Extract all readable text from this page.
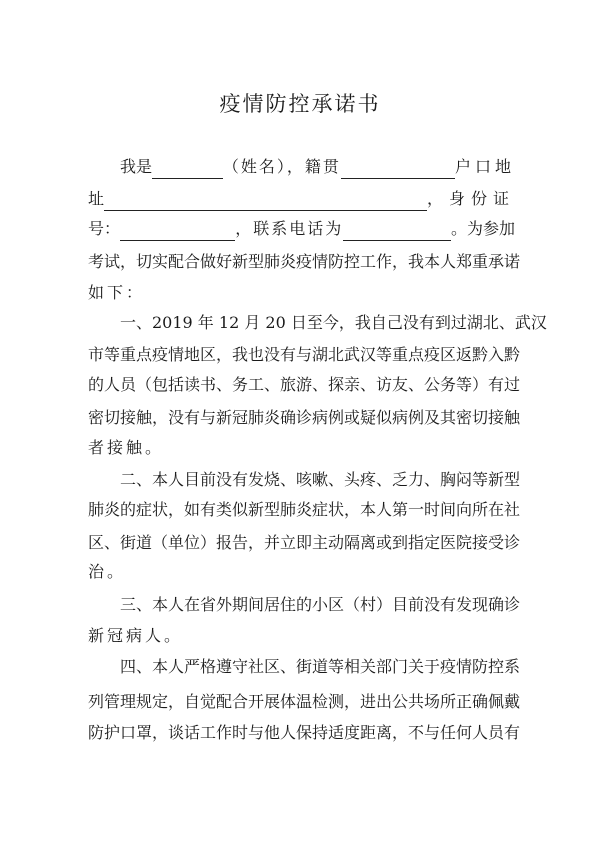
疫情防控承诺书
我是	（姓名），籍贯	户口地
址	，身份证
号：	，联系电话为	。为参加
考试，切实配合做好新型肺炎疫情防控工作，我本人郑重承诺
如下：
一、2019 年 12 月 20 日至今，我自己没有到过湖北、武汉
市等重点疫情地区，我也没有与湖北武汉等重点疫区返黔入黔
的人员（包括读书、务工、旅游、探亲、访友、公务等）有过
密切接触，没有与新冠肺炎确诊病例或疑似病例及其密切接触
者接触。
二、本人目前没有发烧、咳嗽、头疼、乏力、胸闷等新型
肺炎的症状，如有类似新型肺炎症状，本人第一时间向所在社
区、街道（单位）报告，并立即主动隔离或到指定医院接受诊
治。
三、本人在省外期间居住的小区（村）目前没有发现确诊
新冠病人。
四、本人严格遵守社区、街道等相关部门关于疫情防控系
列管理规定，自觉配合开展体温检测，进出公共场所正确佩戴
防护口罩，谈话工作时与他人保持适度距离，不与任何人员有
